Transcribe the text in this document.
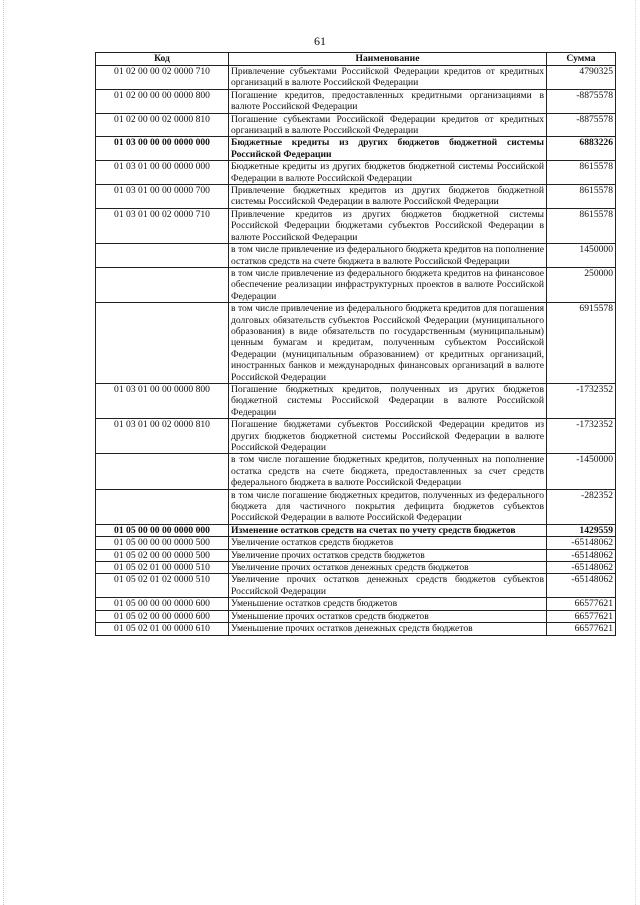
61
Код	Наименование	Сумма
01 02 00 00 02 0000 710	Привлечение субъектами Российской Федерации кредитов от кредитных организаций в валюте Российской Федерации	4790325
01 02 00 00 00 0000 800	Погашение кредитов, предоставленных кредитными организациями в валюте Российской Федерации	-8875578
01 02 00 00 02 0000 810	Погашение субъектами Российской Федерации кредитов от кредитных организаций в валюте Российской Федерации	-8875578
01 03 00 00 00 0000 000	Бюджетные кредиты из других бюджетов бюджетной системы Российской Федерации	6883226
01 03 01 00 00 0000 000	Бюджетные кредиты из других бюджетов бюджетной системы Российской Федерации в валюте Российской Федерации	8615578
01 03 01 00 00 0000 700	Привлечение бюджетных кредитов из других бюджетов бюджетной системы Российской Федерации в валюте Российской Федерации	8615578
01 03 01 00 02 0000 710	Привлечение кредитов из других бюджетов бюджетной системы Российской Федерации бюджетами субъектов Российской Федерации в валюте Российской Федерации	8615578
	в том числе привлечение из федерального бюджета кредитов на пополнение остатков средств на счете бюджета в валюте Российской Федерации	1450000
	в том числе привлечение из федерального бюджета кредитов на финансовое обеспечение реализации инфраструктурных проектов в валюте Российской Федерации	250000
	в том числе привлечение из федерального бюджета кредитов для погашения долговых обязательств субъектов Российской Федерации (муниципального образования) в виде обязательств по государственным (муниципальным) ценным бумагам и кредитам, полученным субъектом Российской Федерации (муниципальным образованием) от кредитных организаций, иностранных банков и международных финансовых организаций в валюте Российской Федерации	6915578
01 03 01 00 00 0000 800	Погашение бюджетных кредитов, полученных из других бюджетов бюджетной системы Российской Федерации в валюте Российской Федерации	-1732352
01 03 01 00 02 0000 810	Погашение бюджетами субъектов Российской Федерации кредитов из других бюджетов бюджетной системы Российской Федерации в валюте Российской Федерации	-1732352
	в том числе погашение бюджетных кредитов, полученных на пополнение остатка средств на счете бюджета, предоставленных за счет средств федерального бюджета в валюте Российской Федерации	-1450000
	в том числе погашение бюджетных кредитов, полученных из федерального бюджета для частичного покрытия дефицита бюджетов субъектов Российской Федерации в валюте Российской Федерации	-282352
01 05 00 00 00 0000 000	Изменение остатков средств на счетах по учету средств бюджетов	1429559
01 05 00 00 00 0000 500	Увеличение остатков средств бюджетов	-65148062
01 05 02 00 00 0000 500	Увеличение прочих остатков средств бюджетов	-65148062
01 05 02 01 00 0000 510	Увеличение прочих остатков денежных средств бюджетов	-65148062
01 05 02 01 02 0000 510	Увеличение прочих остатков денежных средств бюджетов субъектов Российской Федерации	-65148062
01 05 00 00 00 0000 600	Уменьшение остатков средств бюджетов	66577621
01 05 02 00 00 0000 600	Уменьшение прочих остатков средств бюджетов	66577621
01 05 02 01 00 0000 610	Уменьшение прочих остатков денежных средств бюджетов	66577621
